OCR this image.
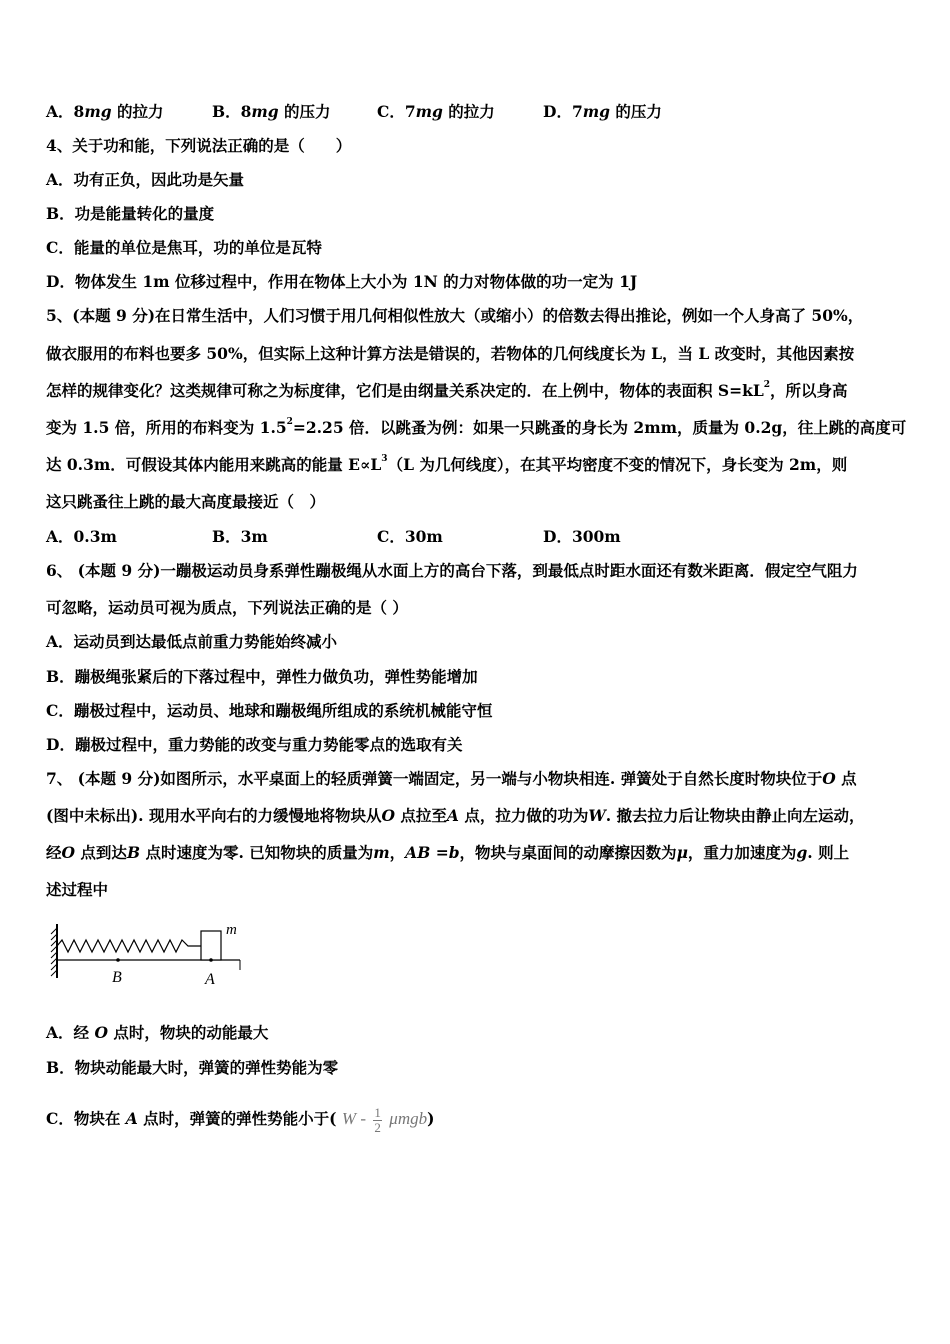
A．8mg 的拉力	B．8mg 的压力	C．7mg 的拉力	D．7mg 的压力
4、关于功和能，下列说法正确的是（　　）
A．功有正负，因此功是矢量
B．功是能量转化的量度
C．能量的单位是焦耳，功的单位是瓦特
D．物体发生 1m 位移过程中，作用在物体上大小为 1N 的力对物体做的功一定为 1J
5、(本题 9 分)在日常生活中，人们习惯于用几何相似性放大（或缩小）的倍数去得出推论，例如一个人身高了 50%，
做衣服用的布料也要多 50%，但实际上这种计算方法是错误的，若物体的几何线度长为 L，当 L 改变时，其他因素按
怎样的规律变化？这类规律可称之为标度律，它们是由纲量关系决定的．在上例中，物体的表面积 $S=kL^2$，所以身高
变为 1.5 倍，所用的布料变为 $1.5^2=2.25$ 倍．以跳蚤为例：如果一只跳蚤的身长为 2mm，质量为 0.2g，往上跳的高度可
达 0.3m．可假设其体内能用来跳高的能量 $E\propto L^3(L$ 为几何线度），在其平均密度不变的情况下，身长变为 2m，则
这只跳蚤往上跳的最大高度最接近（　）
A．0.3m	B．3m	C．30m	D．300m
6、 (本题 9 分)一蹦极运动员身系弹性蹦极绳从水面上方的高台下落，到最低点时距水面还有数米距离．假定空气阻力
可忽略，运动员可视为质点，下列说法正确的是（ ）
A．运动员到达最低点前重力势能始终减小
B．蹦极绳张紧后的下落过程中，弹性力做负功，弹性势能增加
C．蹦极过程中，运动员、地球和蹦极绳所组成的系统机械能守恒
D．蹦极过程中，重力势能的改变与重力势能零点的选取有关
7、 (本题 9 分)如图所示，水平桌面上的轻质弹簧一端固定，另一端与小物块相连. 弹簧处于自然长度时物块位于O 点
(图中未标出). 现用水平向右的力缓慢地将物块从O 点拉至A 点，拉力做的功为W. 撤去拉力后让物块由静止向左运动，
经O 点到达B 点时速度为零. 已知物块的质量为m，AB =b，物块与桌面间的动摩擦因数为μ，重力加速度为g. 则上
述过程中
m
B	A
A．经 O 点时，物块的动能最大
B．物块动能最大时，弹簧的弹性势能为零
C．物块在 A 点时，弹簧的弹性势能小于( W - $\frac{1}{2} \mu mgb$)
